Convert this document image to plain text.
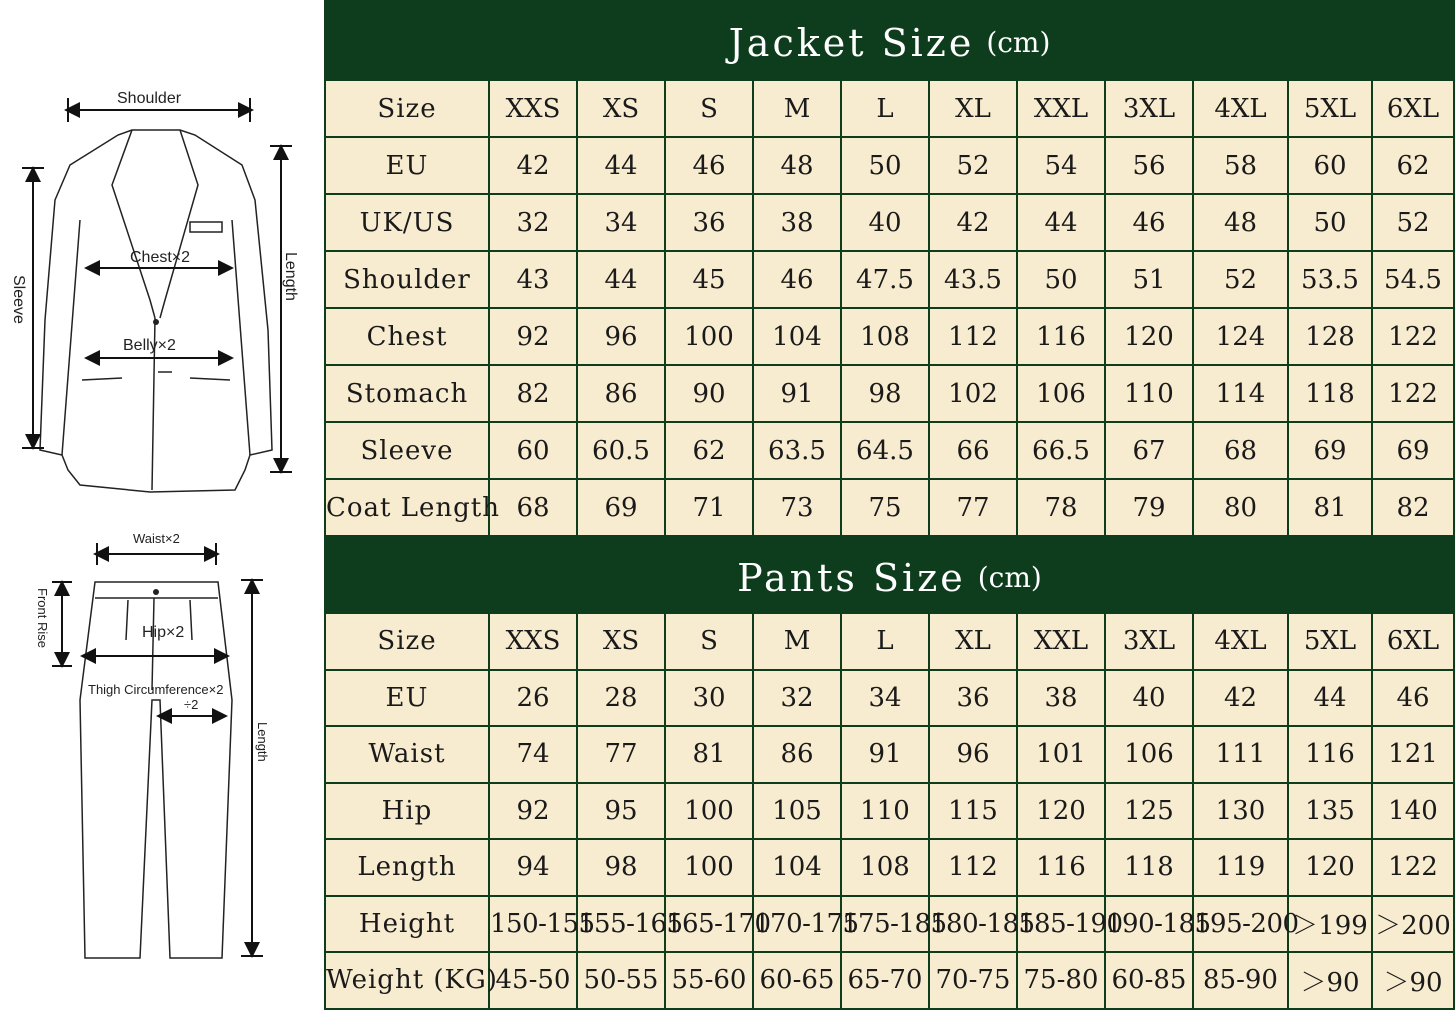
Shoulder
Chest×2
Belly×2
Sleeve	Length
Waist×2
Front Rise	Hip×2
Thigh Circumference×2
÷2
Length
Jacket Size (cm)
Size	XXS	XS	S	M	L	XL	XXL	3XL	4XL	5XL	6XL
EU	42	44	46	48	50	52	54	56	58	60	62
UK/US	32	34	36	38	40	42	44	46	48	50	52
Shoulder	43	44	45	46	47.5	43.5	50	51	52	53.5	54.5
Chest	92	96	100	104	108	112	116	120	124	128	122
Stomach	82	86	90	91	98	102	106	110	114	118	122
Sleeve	60	60.5	62	63.5	64.5	66	66.5	67	68	69	69
Coat Length	68	69	71	73	75	77	78	79	80	81	82
Pants Size (cm)
Size	XXS	XS	S	M	L	XL	XXL	3XL	4XL	5XL	6XL
EU	26	28	30	32	34	36	38	40	42	44	46
Waist	74	77	81	86	91	96	101	106	111	116	121
Hip	92	95	100	105	110	115	120	125	130	135	140
Length	94	98	100	104	108	112	116	118	119	120	122
Height	150-155	155-165	165-170	170-175	175-185	180-185	185-190	190-185	195-200	＞199	＞200
Weight (KG)	45-50	50-55	55-60	60-65	65-70	70-75	75-80	60-85	85-90	＞90	＞90
